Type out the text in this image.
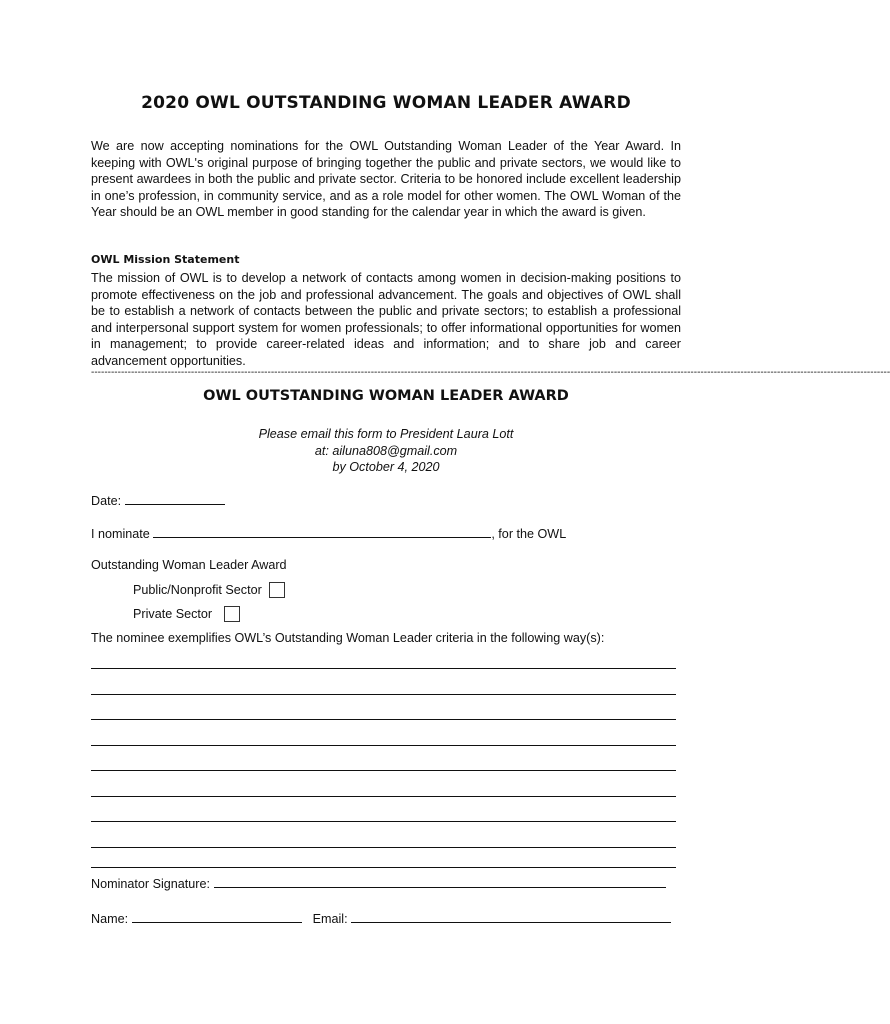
2020 OWL OUTSTANDING WOMAN LEADER AWARD

We are now accepting nominations for the OWL Outstanding Woman Leader of the Year Award. In keeping with OWL's original purpose of bringing together the public and private sectors, we would like to present awardees in both the public and private sector. Criteria to be honored include excellent leadership in one’s profession, in community service, and as a role model for other women. The OWL Woman of the Year should be an OWL member in good standing for the calendar year in which the award is given.

OWL Mission Statement

The mission of OWL is to develop a network of contacts among women in decision-making positions to promote effectiveness on the job and professional advancement. The goals and objectives of OWL shall be to establish a network of contacts between the public and private sectors; to establish a professional and interpersonal support system for women professionals; to offer informational opportunities for women in management; to provide career-related ideas and information; and to share job and career advancement opportunities.

------------------------------------------------------------------------------------------------------------------------------------------------------------------------------------------------------------------------------------------------
OWL OUTSTANDING WOMAN LEADER AWARD
Please email this form to President Laura Lott
at: ailuna808@gmail.com
by October 4, 2020
Date:
I nominate	, for the OWL
Outstanding Woman Leader Award
Public/Nonprofit Sector
Private Sector
The nominee exemplifies OWL’s Outstanding Woman Leader criteria in the following way(s):
Nominator Signature:
Name:	Email:
